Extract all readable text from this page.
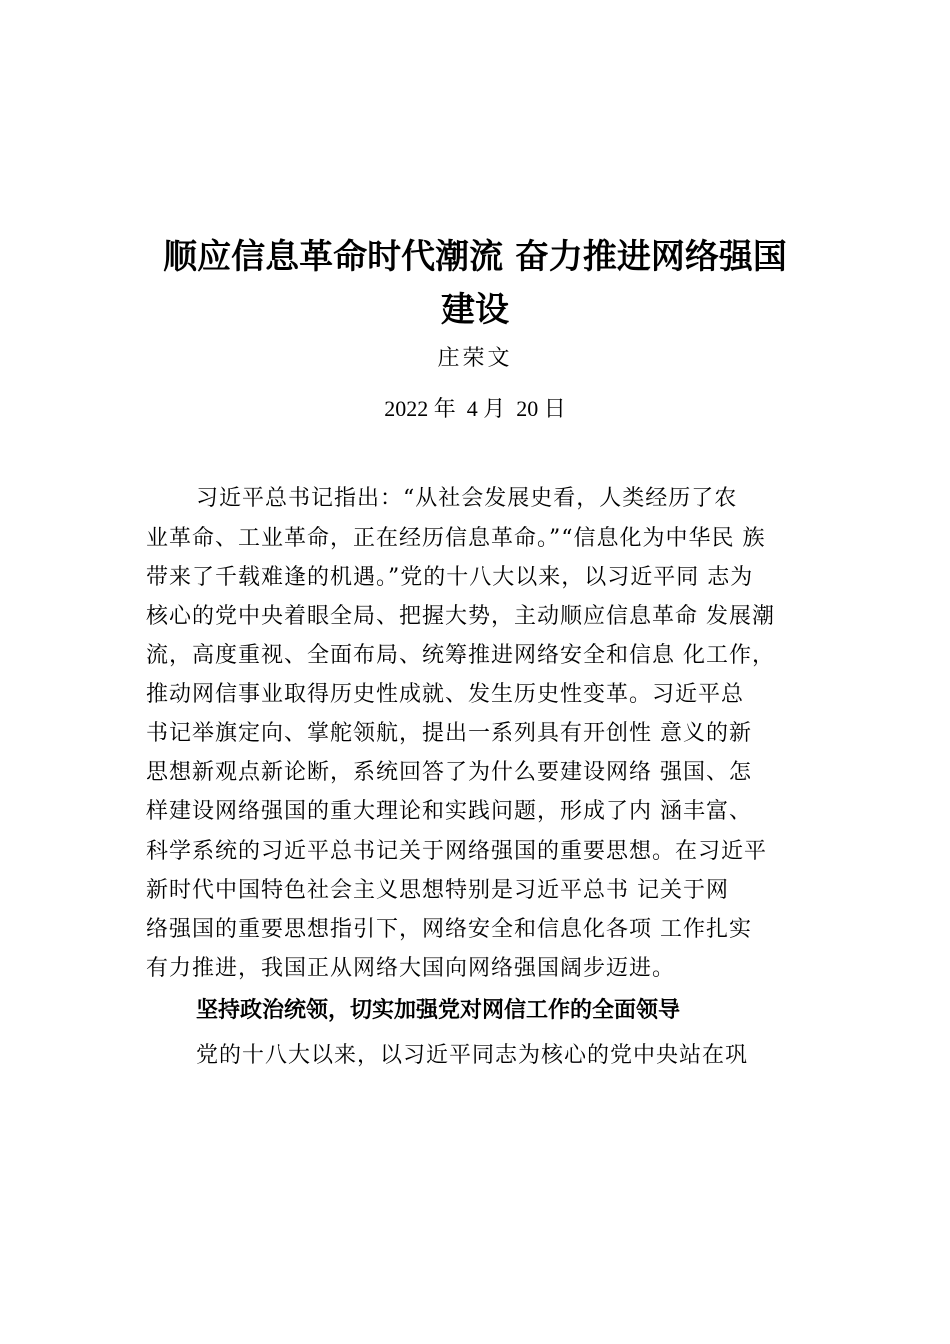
顺应信息革命时代潮流 奋力推进网络强国
建设
庄荣文
2022 年  4 月  20 日
习近平总书记指出：“从社会发展史看，人类经历了农
业革命、工业革命，正在经历信息革命。”“信息化为中华民 族
带来了千载难逢的机遇。”党的十八大以来，以习近平同 志为
核心的党中央着眼全局、把握大势，主动顺应信息革命 发展潮
流，高度重视、全面布局、统筹推进网络安全和信息 化工作，
推动网信事业取得历史性成就、发生历史性变革。习近平总
书记举旗定向、掌舵领航，提出一系列具有开创性 意义的新
思想新观点新论断，系统回答了为什么要建设网络 强国、怎
样建设网络强国的重大理论和实践问题，形成了内 涵丰富、
科学系统的习近平总书记关于网络强国的重要思想。在习近平
新时代中国特色社会主义思想特别是习近平总书 记关于网
络强国的重要思想指引下，网络安全和信息化各项 工作扎实
有力推进，我国正从网络大国向网络强国阔步迈进。
坚持政治统领，切实加强党对网信工作的全面领导
党的十八大以来，以习近平同志为核心的党中央站在巩
